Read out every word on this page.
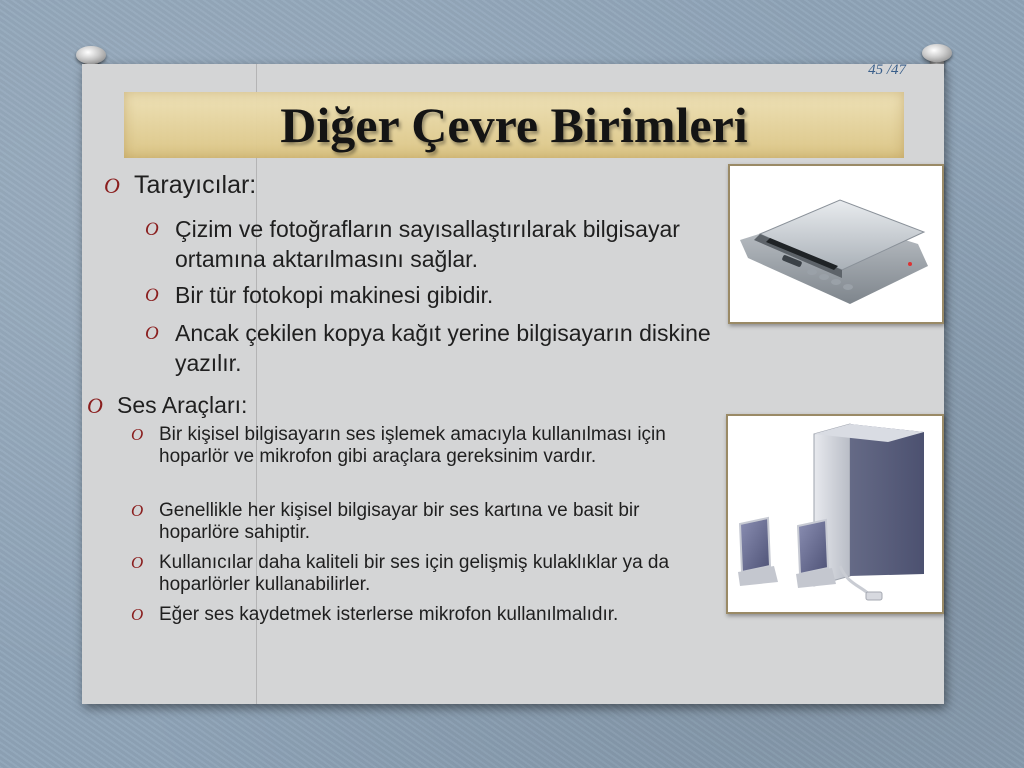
45 /47
Diğer Çevre Birimleri
O Tarayıcılar:
O Çizim ve fotoğrafların sayısallaştırılarak bilgisayar ortamına aktarılmasını sağlar.
O Bir tür fotokopi makinesi gibidir.
O Ancak çekilen kopya kağıt yerine bilgisayarın diskine yazılır.
O Ses Araçları:
O Bir kişisel bilgisayarın ses işlemek amacıyla kullanılması için hoparlör ve mikrofon gibi araçlara gereksinim vardır.
O Genellikle her kişisel bilgisayar bir ses kartına ve basit bir hoparlöre sahiptir.
O Kullanıcılar daha kaliteli bir ses için gelişmiş kulaklıklar ya da hoparlörler kullanabilirler.
O Eğer ses kaydetmek isterlerse mikrofon kullanılmalıdır.
